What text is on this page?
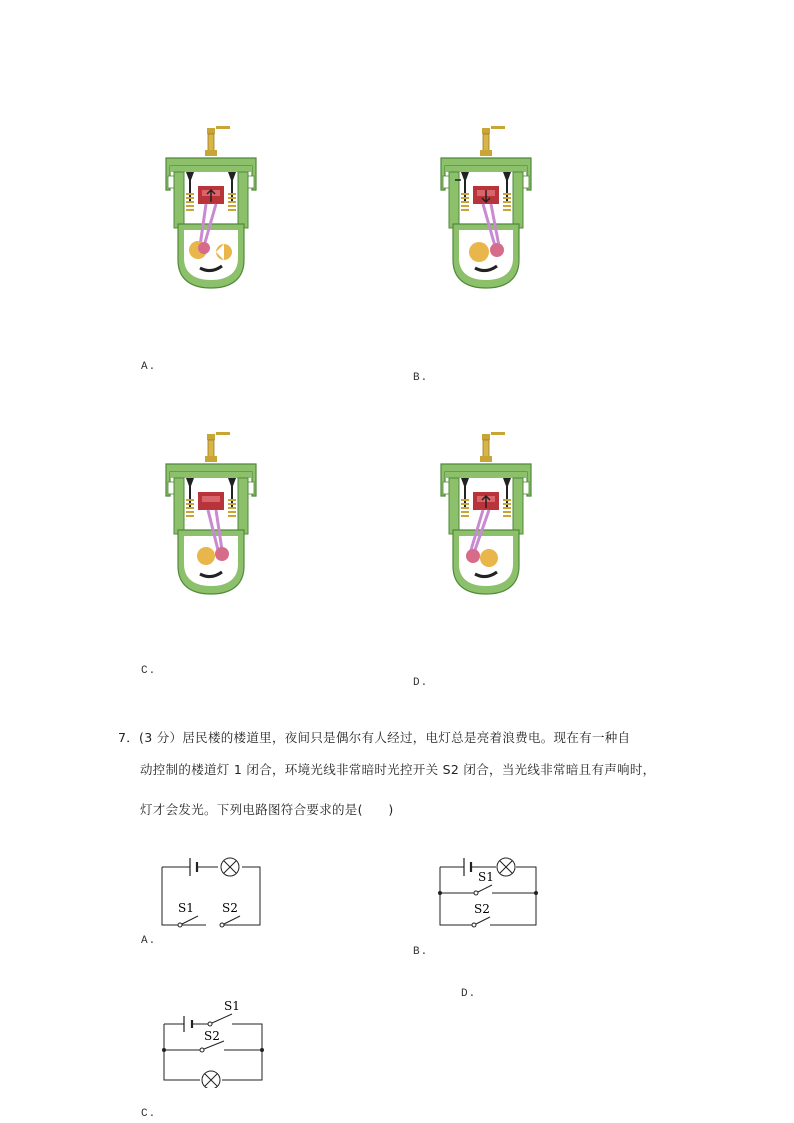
A.
B.
C.
D.
7．(3 分）居民楼的楼道里，夜间只是偶尔有人经过，电灯总是亮着浪费电。现在有一种自
动控制的楼道灯 1 闭合，环境光线非常暗时光控开关 S2 闭合，当光线非常暗且有声响时，
灯才会发光。下列电路图符合要求的是(　　)
S1 S2
A.
S1
S2
B.
D.
S1
S2
C.
